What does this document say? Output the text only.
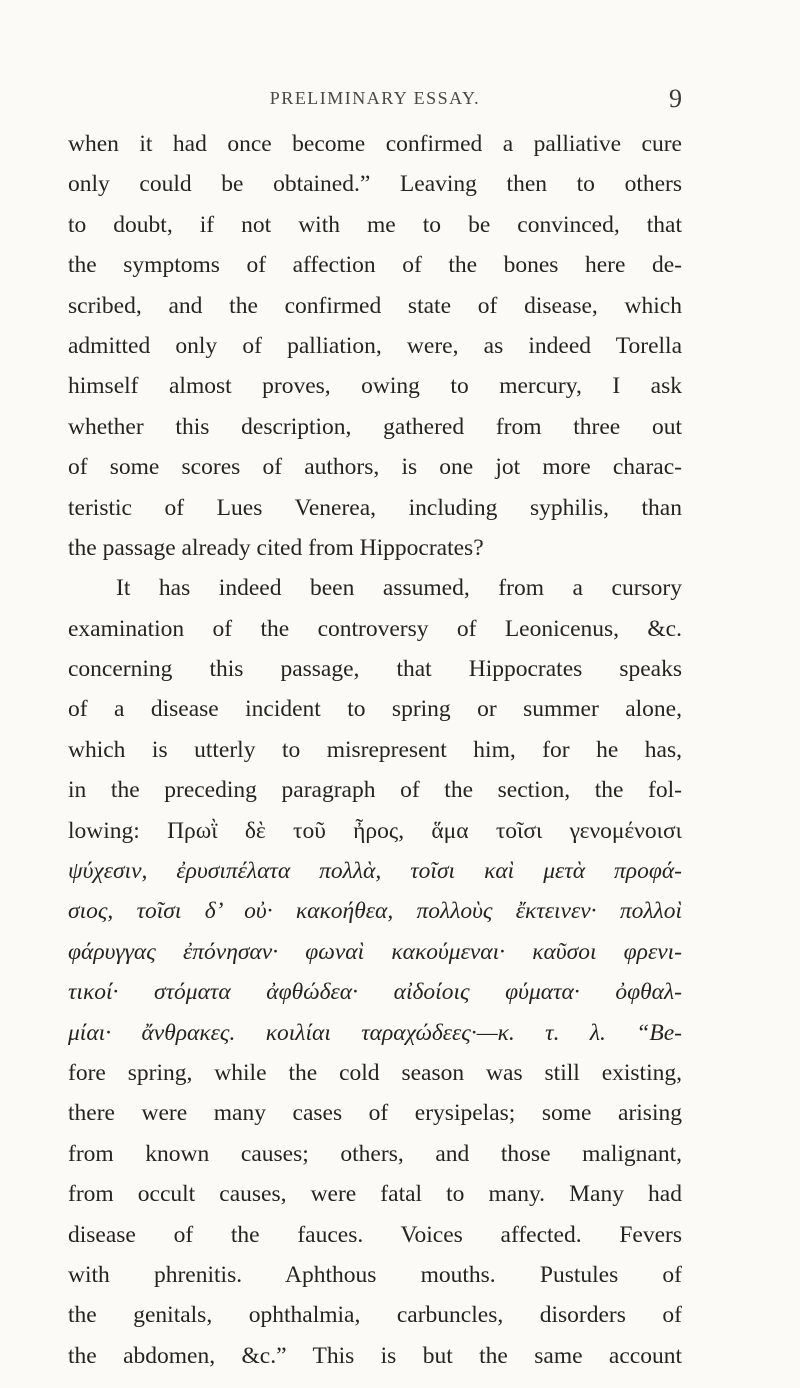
PRELIMINARY ESSAY.	9
when it had once become confirmed a palliative cure
only could be obtained.” Leaving then to others
to doubt, if not with me to be convinced, that
the symptoms of affection of the bones here de-
scribed, and the confirmed state of disease, which
admitted only of palliation, were, as indeed Torella
himself almost proves, owing to mercury, I ask
whether this description, gathered from three out
of some scores of authors, is one jot more charac-
teristic of Lues Venerea, including syphilis, than
the passage already cited from Hippocrates?
It has indeed been assumed, from a cursory
examination of the controversy of Leonicenus, &c.
concerning this passage, that Hippocrates speaks
of a disease incident to spring or summer alone,
which is utterly to misrepresent him, for he has,
in the preceding paragraph of the section, the fol-
lowing: Πρωῒ δὲ τοῦ ἦρος, ἅμα τοῖσι γενομένοισι
ψύχεσιν, ἐρυσιπέλατα πολλὰ, τοῖσι καὶ μετὰ προφά-
σιος, τοῖσι δ’ οὐ· κακοήθεα, πολλοὺς ἔκτεινεν· πολλοὶ
φάρυγγας ἐπόνησαν· φωναὶ κακούμεναι· καῦσοι φρενι-
τικοί· στόματα ἀφθώδεα· αἰδοίοις φύματα· ὀφθαλ-
μίαι· ἄνθρακες. κοιλίαι ταραχώδεες·—κ. τ. λ. “Be-
fore spring, while the cold season was still existing,
there were many cases of erysipelas; some arising
from known causes; others, and those malignant,
from occult causes, were fatal to many. Many had
disease of the fauces. Voices affected. Fevers
with phrenitis. Aphthous mouths. Pustules of
the genitals, ophthalmia, carbuncles, disorders of
the abdomen, &c.” This is but the same account
